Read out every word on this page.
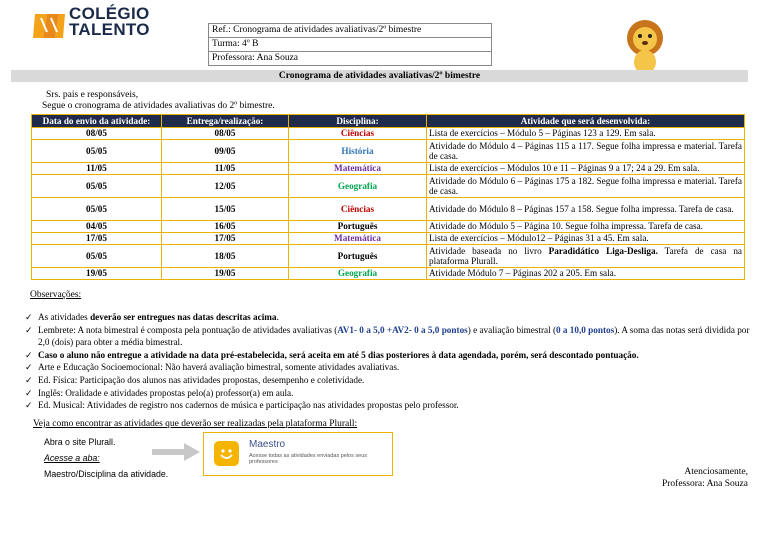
COLÉGIO
TALENTO	Ref.: Cronograma de atividades avaliativas/2º bimestre
Turma: 4º B
Professora: Ana Souza
Cronograma de atividades avaliativas/2º bimestre
Srs. pais e responsáveis,
Segue o cronograma de atividades avaliativas do 2º bimestre.
Data do envio da atividade:	Entrega/realização:	Disciplina:	Atividade que será desenvolvida:
08/05	08/05	Ciências	Lista de exercícios – Módulo 5 – Páginas 123 a 129. Em sala.
05/05	09/05	História	Atividade do Módulo 4 – Páginas 115 a 117. Segue folha impressa e material. Tarefa de casa.
11/05	11/05	Matemática	Lista de exercícios – Módulos 10 e 11 – Páginas 9 a 17; 24 a 29. Em sala.
05/05	12/05	Geografia	Atividade do Módulo 6 – Páginas 175 a 182. Segue folha impressa e material. Tarefa de casa.
05/05	15/05	Ciências	Atividade do Módulo 8 – Páginas 157 a 158. Segue folha impressa. Tarefa de casa.
04/05	16/05	Português	Atividade do Módulo 5 – Página 10. Segue folha impressa. Tarefa de casa.
17/05	17/05	Matemática	Lista de exercícios – Módulo12 – Páginas 31 a 45. Em sala.
05/05	18/05	Português	Atividade baseada no livro Paradidático Liga-Desliga. Tarefa de casa na plataforma Plurall.
19/05	19/05	Geografia	Atividade Módulo 7 – Páginas 202 a 205. Em sala.
Observações:
✓ As atividades deverão ser entregues nas datas descritas acima.
✓ Lembrete: A nota bimestral é composta pela pontuação de atividades avaliativas (AV1- 0 a 5,0 +AV2- 0 a 5,0 pontos) e avaliação bimestral (0 a 10,0 pontos). A soma das notas será dividida por 2,0 (dois) para obter a média bimestral.
✓ Caso o aluno não entregue a atividade na data pré-estabelecida, será aceita em até 5 dias posteriores à data agendada, porém, será descontado pontuação.
✓ Arte e Educação Socioemocional: Não haverá avaliação bimestral, somente atividades avaliativas.
✓ Ed. Física: Participação dos alunos nas atividades propostas, desempenho e coletividade.
✓ Inglês: Oralidade e atividades propostas pelo(a) professor(a) em aula.
✓ Ed. Musical: Atividades de registro nos cadernos de música e participação nas atividades propostas pelo professor.
Veja como encontrar as atividades que deverão ser realizadas pela plataforma Plurall:
Abra o site Plurall.
Acesse a aba:
Maestro/Disciplina da atividade.
Maestro
Acesse todas as atividades enviadas pelos seus professores
Atenciosamente,
Professora: Ana Souza
